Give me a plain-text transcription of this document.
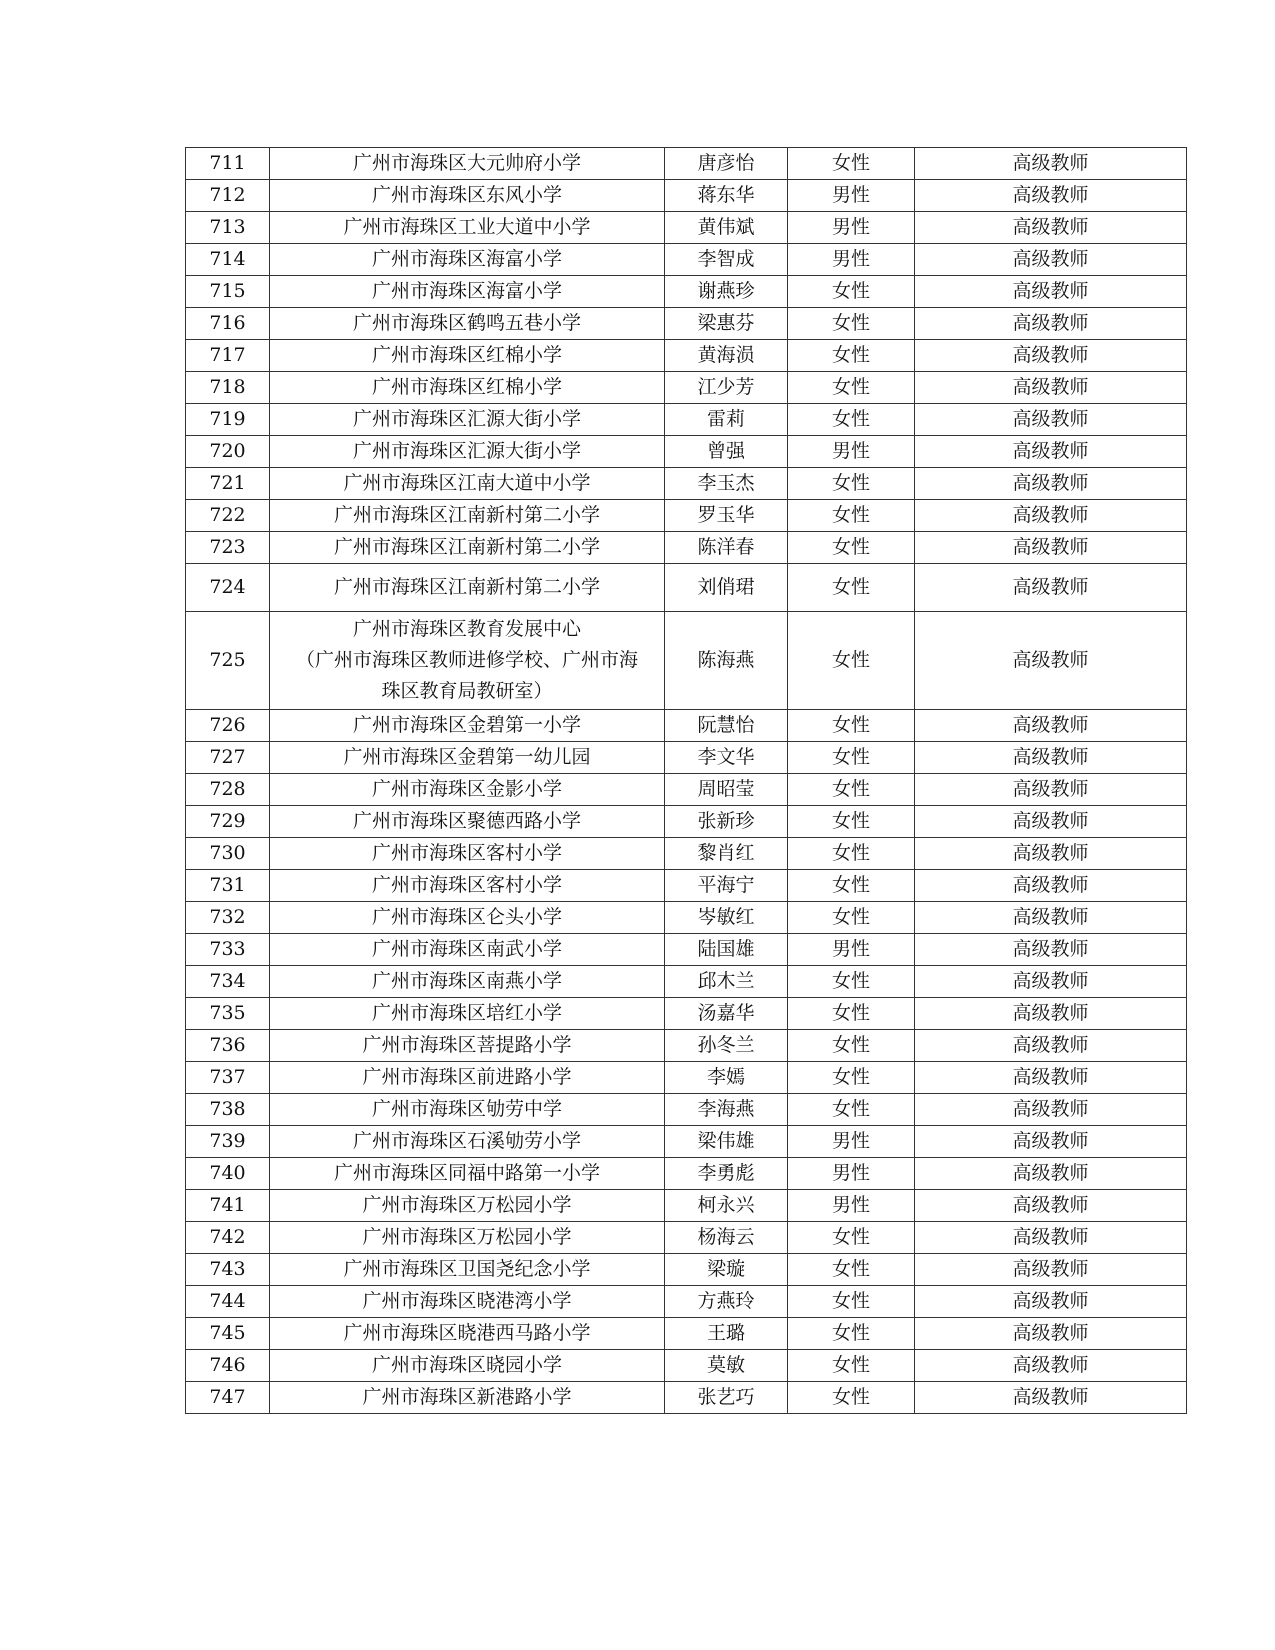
711	广州市海珠区大元帅府小学	唐彦怡	女性	高级教师
712	广州市海珠区东风小学	蒋东华	男性	高级教师
713	广州市海珠区工业大道中小学	黄伟斌	男性	高级教师
714	广州市海珠区海富小学	李智成	男性	高级教师
715	广州市海珠区海富小学	谢燕珍	女性	高级教师
716	广州市海珠区鹤鸣五巷小学	梁惠芬	女性	高级教师
717	广州市海珠区红棉小学	黄海涢	女性	高级教师
718	广州市海珠区红棉小学	江少芳	女性	高级教师
719	广州市海珠区汇源大街小学	雷莉	女性	高级教师
720	广州市海珠区汇源大街小学	曾强	男性	高级教师
721	广州市海珠区江南大道中小学	李玉杰	女性	高级教师
722	广州市海珠区江南新村第二小学	罗玉华	女性	高级教师
723	广州市海珠区江南新村第二小学	陈洋春	女性	高级教师
724	广州市海珠区江南新村第二小学	刘俏珺	女性	高级教师
725	广州市海珠区教育发展中心
（广州市海珠区教师进修学校、广州市海
珠区教育局教研室）	陈海燕	女性	高级教师
726	广州市海珠区金碧第一小学	阮慧怡	女性	高级教师
727	广州市海珠区金碧第一幼儿园	李文华	女性	高级教师
728	广州市海珠区金影小学	周昭莹	女性	高级教师
729	广州市海珠区聚德西路小学	张新珍	女性	高级教师
730	广州市海珠区客村小学	黎肖红	女性	高级教师
731	广州市海珠区客村小学	平海宁	女性	高级教师
732	广州市海珠区仑头小学	岑敏红	女性	高级教师
733	广州市海珠区南武小学	陆国雄	男性	高级教师
734	广州市海珠区南燕小学	邱木兰	女性	高级教师
735	广州市海珠区培红小学	汤嘉华	女性	高级教师
736	广州市海珠区菩提路小学	孙冬兰	女性	高级教师
737	广州市海珠区前进路小学	李嫣	女性	高级教师
738	广州市海珠区劬劳中学	李海燕	女性	高级教师
739	广州市海珠区石溪劬劳小学	梁伟雄	男性	高级教师
740	广州市海珠区同福中路第一小学	李勇彪	男性	高级教师
741	广州市海珠区万松园小学	柯永兴	男性	高级教师
742	广州市海珠区万松园小学	杨海云	女性	高级教师
743	广州市海珠区卫国尧纪念小学	梁璇	女性	高级教师
744	广州市海珠区晓港湾小学	方燕玲	女性	高级教师
745	广州市海珠区晓港西马路小学	王璐	女性	高级教师
746	广州市海珠区晓园小学	莫敏	女性	高级教师
747	广州市海珠区新港路小学	张艺巧	女性	高级教师
